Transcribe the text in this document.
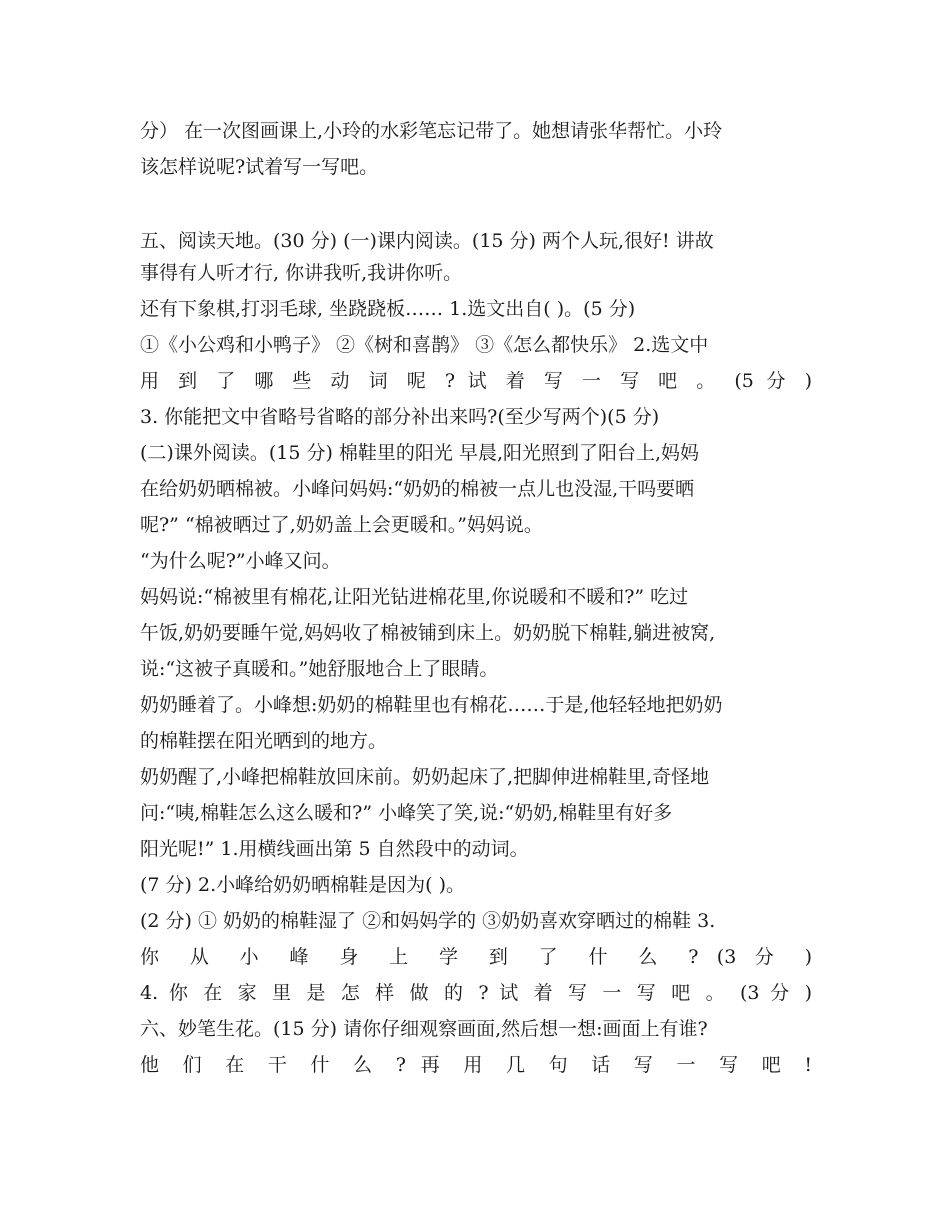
分） 在一次图画课上,小玲的水彩笔忘记带了。她想请张华帮忙。小玲
该怎样说呢?试着写一写吧。
五、阅读天地。(30 分) (一)课内阅读。(15 分) 两个人玩,很好! 讲故
事得有人听才行, 你讲我听,我讲你听。
还有下象棋,打羽毛球, 坐跷跷板…… 1.选文出自( )。(5 分)
①《小公鸡和小鸭子》 ②《树和喜鹊》 ③《怎么都快乐》 2.选文中
用 到 了 哪 些 动 词 呢 ? 试 着 写 一 写 吧 。 (5 分 )
3. 你能把文中省略号省略的部分补出来吗?(至少写两个)(5 分)
(二)课外阅读。(15 分) 棉鞋里的阳光 早晨,阳光照到了阳台上,妈妈
在给奶奶晒棉被。小峰问妈妈:“奶奶的棉被一点儿也没湿,干吗要晒
呢?” “棉被晒过了,奶奶盖上会更暖和。”妈妈说。
“为什么呢?”小峰又问。
妈妈说:“棉被里有棉花,让阳光钻进棉花里,你说暖和不暖和?” 吃过
午饭,奶奶要睡午觉,妈妈收了棉被铺到床上。奶奶脱下棉鞋,躺进被窝,
说:“这被子真暖和。”她舒服地合上了眼睛。
奶奶睡着了。小峰想:奶奶的棉鞋里也有棉花……于是,他轻轻地把奶奶
的棉鞋摆在阳光晒到的地方。
奶奶醒了,小峰把棉鞋放回床前。奶奶起床了,把脚伸进棉鞋里,奇怪地
问:“咦,棉鞋怎么这么暖和?” 小峰笑了笑,说:“奶奶,棉鞋里有好多
阳光呢!” 1.用横线画出第 5 自然段中的动词。
(7 分) 2.小峰给奶奶晒棉鞋是因为( )。
(2 分) ① 奶奶的棉鞋湿了 ②和妈妈学的 ③奶奶喜欢穿晒过的棉鞋 3.
你 从 小 峰 身 上 学 到 了 什 么 ? (3 分 )
4. 你 在 家 里 是 怎 样 做 的 ? 试 着 写 一 写 吧 。 (3 分 )
六、妙笔生花。(15 分) 请你仔细观察画面,然后想一想:画面上有谁?
他 们 在 干 什 么 ? 再 用 几 句 话 写 一 写 吧 !
